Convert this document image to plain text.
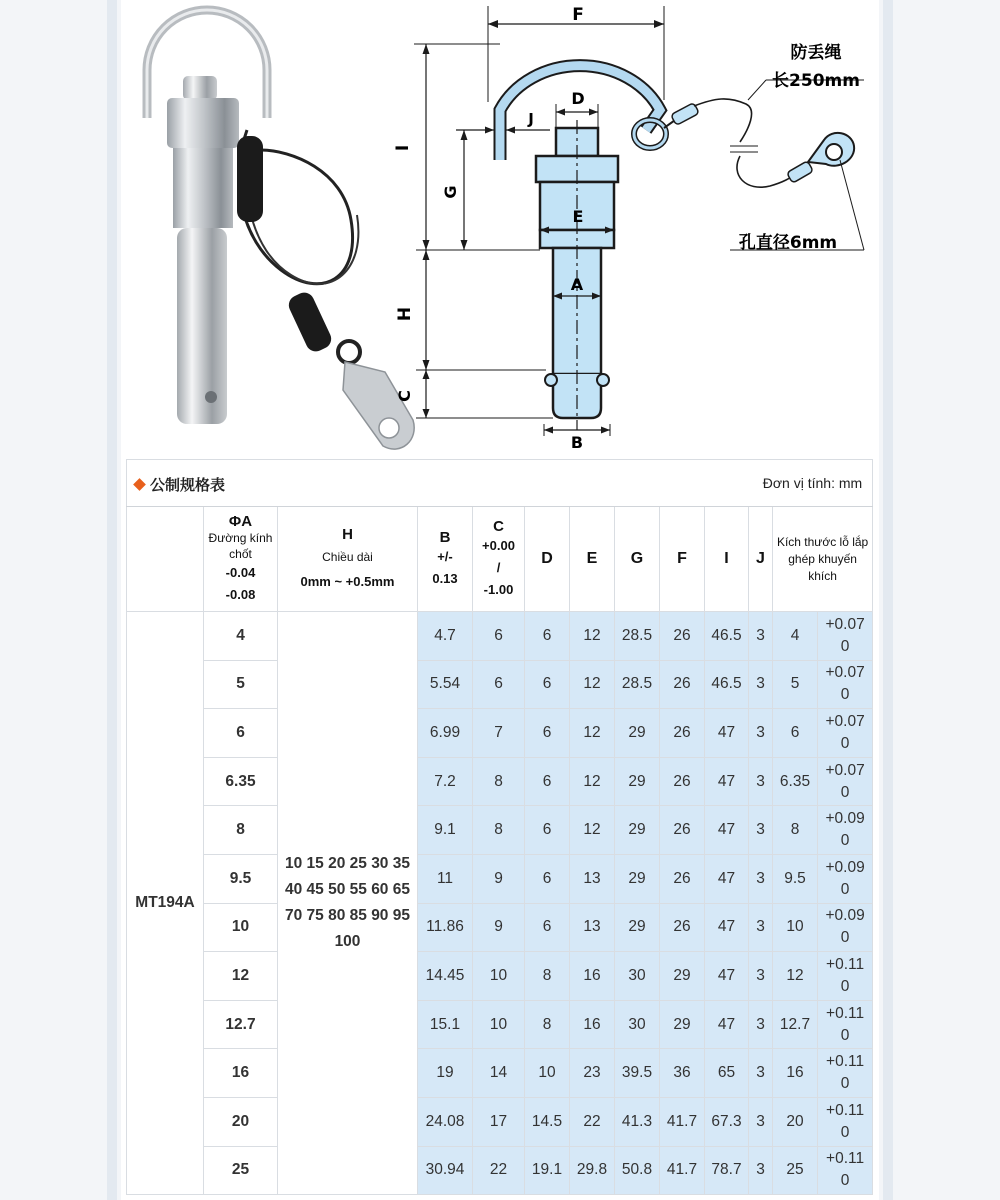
F
D
J
I
G
H
C
E
A
B
防丢绳
长250mm
孔直径6mm
公制规格表 Đơn vị tính: mm												

	ΦA
Đường kính chốt
-0.04
-0.08	H
Chiều dài
0mm ~ +0.5mm	B
+/-
0.13	C
+0.00
/
-1.00	D	E	G	F	I	J	Kích thước lỗ lắp ghép khuyến khích	

MT194A	4	10 15 20 25 30 35 40 45 50 55 60 65 70 75 80 85 90 95 100	4.7	6	6	12	28.5	26	46.5	3	4	+0.07
0

	5		5.54	6	6	12	28.5	26	46.5	3	5	+0.07
0

	6		6.99	7	6	12	29	26	47	3	6	+0.07
0

	6.35		7.2	8	6	12	29	26	47	3	6.35	+0.07
0

	8		9.1	8	6	12	29	26	47	3	8	+0.09
0

	9.5		11	9	6	13	29	26	47	3	9.5	+0.09
0

	10		11.86	9	6	13	29	26	47	3	10	+0.09
0

	12		14.45	10	8	16	30	29	47	3	12	+0.11
0

	12.7		15.1	10	8	16	30	29	47	3	12.7	+0.11
0

	16		19	14	10	23	39.5	36	65	3	16	+0.11
0

	20		24.08	17	14.5	22	41.3	41.7	67.3	3	20	+0.11
0

	25		30.94	22	19.1	29.8	50.8	41.7	78.7	3	25	+0.11
0
